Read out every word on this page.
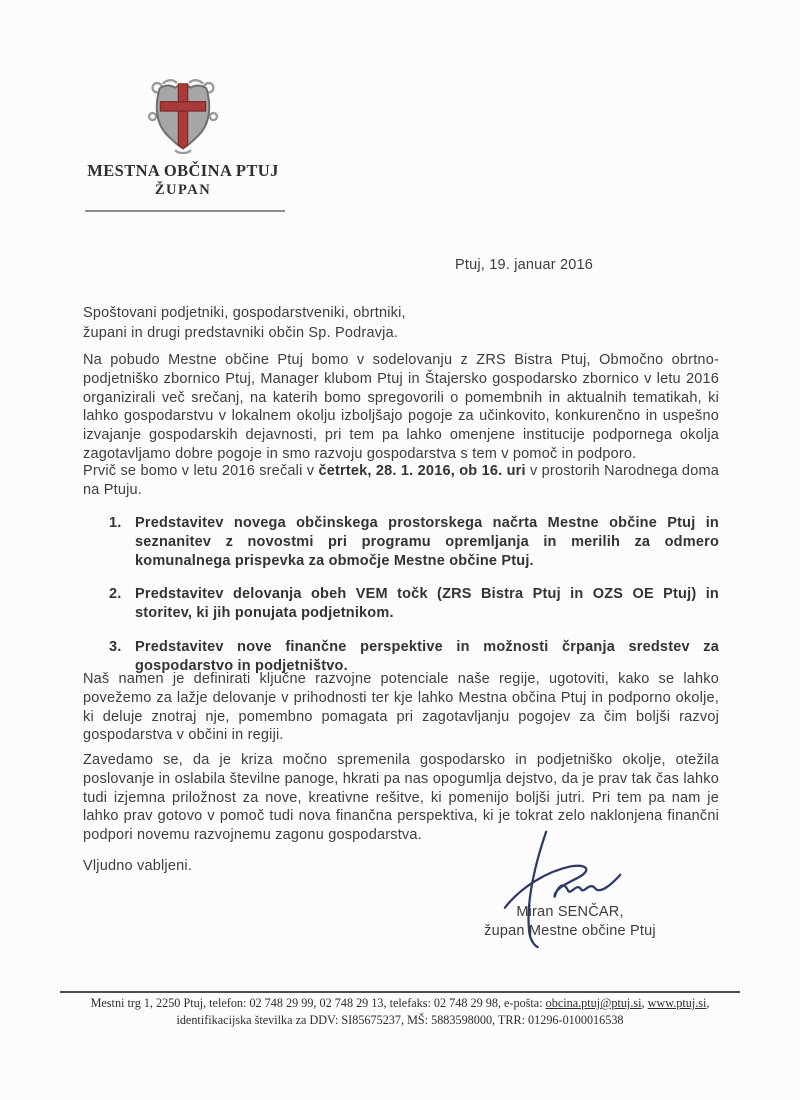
MESTNA OBČINA PTUJ
ŽUPAN
Ptuj, 19. januar 2016
Spoštovani podjetniki, gospodarstveniki, obrtniki,
župani in drugi predstavniki občin Sp. Podravja.

Na pobudo Mestne občine Ptuj bomo v sodelovanju z ZRS Bistra Ptuj, Območno obrtno-podjetniško zbornico Ptuj, Manager klubom Ptuj in Štajersko gospodarsko zbornico v letu 2016 organizirali več srečanj, na katerih bomo spregovorili o pomembnih in aktualnih tematikah, ki lahko gospodarstvu v lokalnem okolju izboljšajo pogoje za učinkovito, konkurenčno in uspešno izvajanje gospodarskih dejavnosti, pri tem pa lahko omenjene institucije podpornega okolja zagotavljamo dobre pogoje in smo razvoju gospodarstva s tem v pomoč in podporo.

Prvič se bomo v letu 2016 srečali v četrtek, 28. 1. 2016, ob 16. uri v prostorih Narodnega doma na Ptuju.

1. Predstavitev novega občinskega prostorskega načrta Mestne občine Ptuj in seznanitev z novostmi pri programu opremljanja in merilih za odmero komunalnega prispevka za območje Mestne občine Ptuj.
2. Predstavitev delovanja obeh VEM točk (ZRS Bistra Ptuj in OZS OE Ptuj) in storitev, ki jih ponujata podjetnikom.
3. Predstavitev nove finančne perspektive in možnosti črpanja sredstev za gospodarstvo in podjetništvo.

Naš namen je definirati ključne razvojne potenciale naše regije, ugotoviti, kako se lahko povežemo za lažje delovanje v prihodnosti ter kje lahko Mestna občina Ptuj in podporno okolje, ki deluje znotraj nje, pomembno pomagata pri zagotavljanju pogojev za čim boljši razvoj gospodarstva v občini in regiji.

Zavedamo se, da je kriza močno spremenila gospodarsko in podjetniško okolje, otežila poslovanje in oslabila številne panoge, hkrati pa nas opogumlja dejstvo, da je prav tak čas lahko tudi izjemna priložnost za nove, kreativne rešitve, ki pomenijo boljši jutri. Pri tem pa nam je lahko prav gotovo v pomoč tudi nova finančna perspektiva, ki je tokrat zelo naklonjena finančni podpori novemu razvojnemu zagonu gospodarstva.

Vljudno vabljeni.
Miran SENČAR,
župan Mestne občine Ptuj
Mestni trg 1, 2250 Ptuj, telefon: 02 748 29 99, 02 748 29 13, telefaks: 02 748 29 98, e-pošta: obcina.ptuj@ptuj.si, www.ptuj.si,
identifikacijska številka za DDV: SI85675237, MŠ: 5883598000, TRR: 01296-0100016538
